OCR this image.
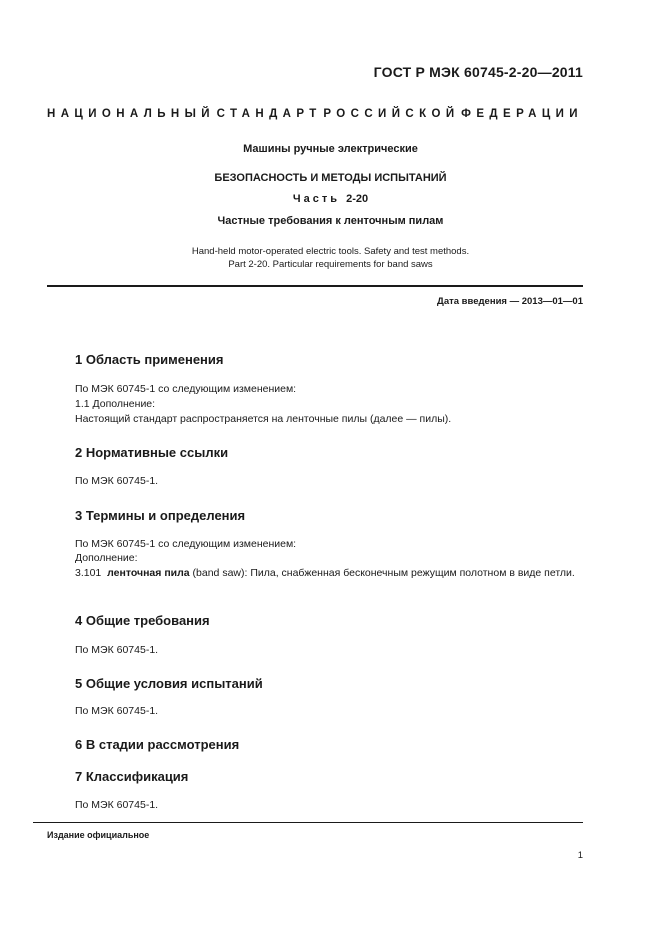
ГОСТ Р МЭК 60745-2-20—2011
НАЦИОНАЛЬНЫЙ СТАНДАРТ РОССИЙСКОЙ ФЕДЕРАЦИИ
Машины ручные электрические
БЕЗОПАСНОСТЬ И МЕТОДЫ ИСПЫТАНИЙ
Часть 2-20
Частные требования к ленточным пилам
Hand-held motor-operated electric tools. Safety and test methods.
Part 2-20. Particular requirements for band saws
Дата введения — 2013—01—01
1 Область применения
По МЭК 60745-1 со следующим изменением:
1.1 Дополнение:
Настоящий стандарт распространяется на ленточные пилы (далее — пилы).
2 Нормативные ссылки
По МЭК 60745-1.
3 Термины и определения
По МЭК 60745-1 со следующим изменением:
Дополнение:
3.101 ленточная пила (band saw): Пила, снабженная бесконечным режущим полотном в виде петли.
4 Общие требования
По МЭК 60745-1.
5 Общие условия испытаний
По МЭК 60745-1.
6 В стадии рассмотрения
7 Классификация
По МЭК 60745-1.
Издание официальное
1
